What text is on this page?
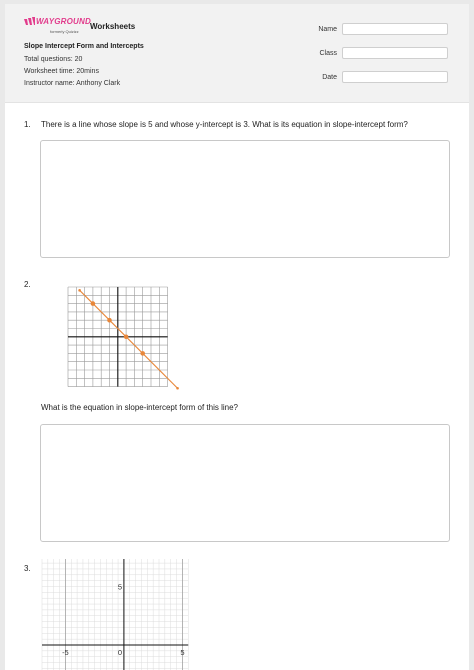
WAYGROUND
formerly Quizizz
Worksheets
Slope Intercept Form and Intercepts
Total questions: 20
Worksheet time: 20mins
Instructor name: Anthony Clark
Name
Class
Date
1. There is a line whose slope is 5 and whose y-intercept is 3. What is its equation in slope-intercept form?
2.
What is the equation in slope-intercept form of this line?
3.
-5	0	5
5
